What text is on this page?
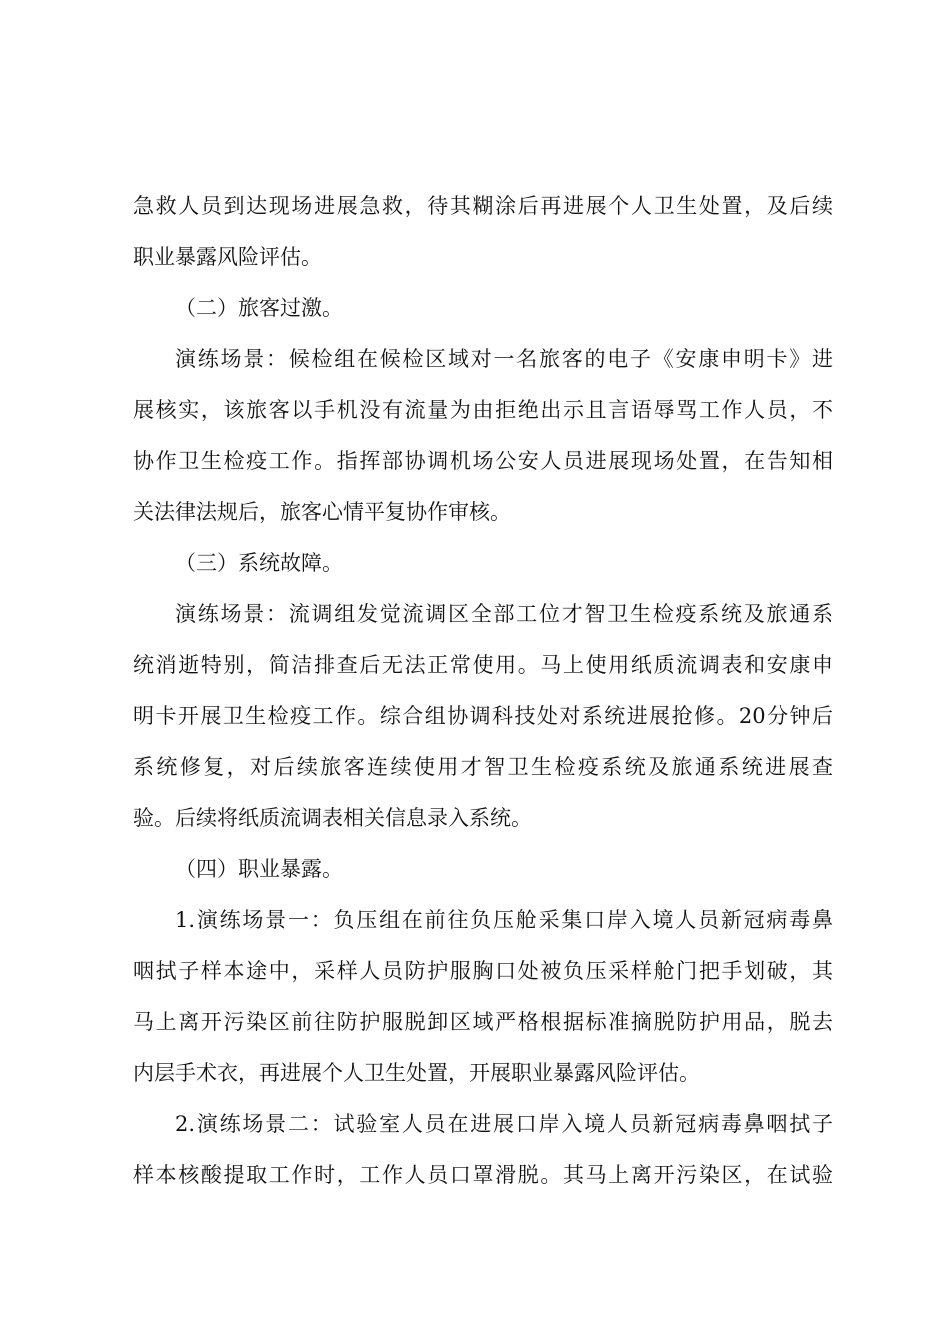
急救人员到达现场进展急救，待其糊涂后再进展个人卫生处置，及后续
职业暴露风险评估。
（二）旅客过激。
演练场景：候检组在候检区域对一名旅客的电子《安康申明卡》进
展核实，该旅客以手机没有流量为由拒绝出示且言语辱骂工作人员，不
协作卫生检疫工作。指挥部协调机场公安人员进展现场处置，在告知相
关法律法规后，旅客心情平复协作审核。
（三）系统故障。
演练场景：流调组发觉流调区全部工位才智卫生检疫系统及旅通系
统消逝特别，简洁排查后无法正常使用。马上使用纸质流调表和安康申
明卡开展卫生检疫工作。综合组协调科技处对系统进展抢修。20分钟后
系统修复，对后续旅客连续使用才智卫生检疫系统及旅通系统进展查
验。后续将纸质流调表相关信息录入系统。
（四）职业暴露。
1.演练场景一：负压组在前往负压舱采集口岸入境人员新冠病毒鼻
咽拭子样本途中，采样人员防护服胸口处被负压采样舱门把手划破，其
马上离开污染区前往防护服脱卸区域严格根据标准摘脱防护用品，脱去
内层手术衣，再进展个人卫生处置，开展职业暴露风险评估。
2.演练场景二：试验室人员在进展口岸入境人员新冠病毒鼻咽拭子
样本核酸提取工作时，工作人员口罩滑脱。其马上离开污染区，在试验
